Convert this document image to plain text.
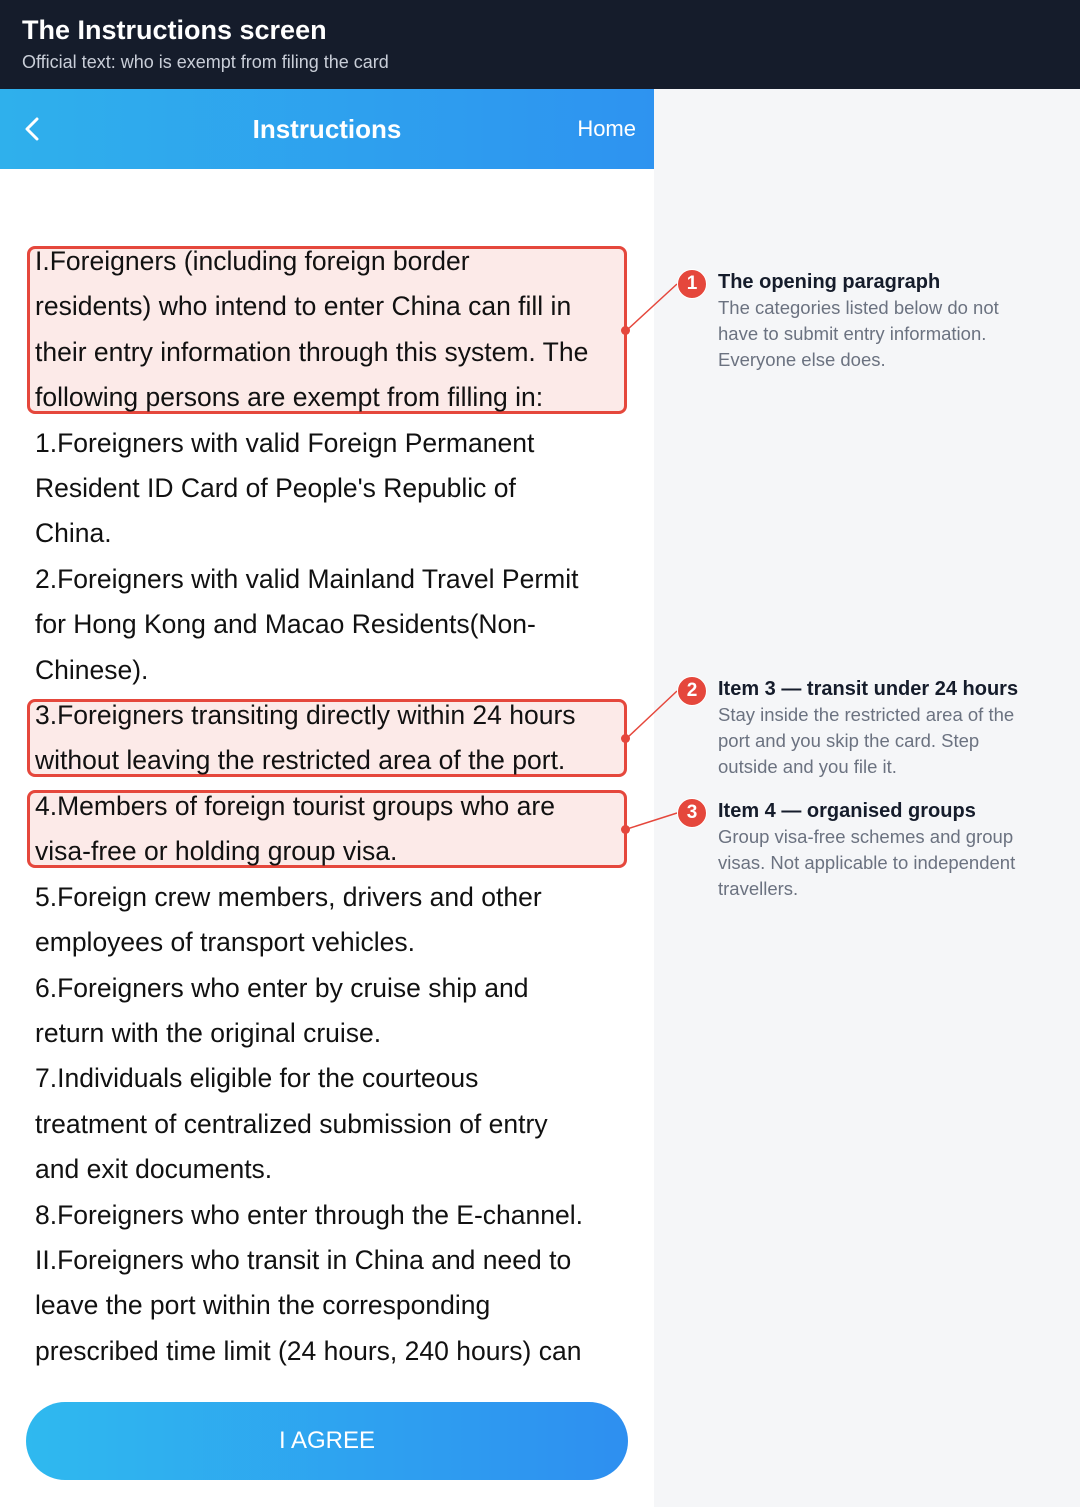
The Instructions screen
Official text: who is exempt from filing the card
Instructions	Home

I.Foreigners (including foreign border

residents) who intend to enter China can fill in

their entry information through this system. The

following persons are exempt from filling in:

1.Foreigners with valid Foreign Permanent

Resident ID Card of People's Republic of

China.

2.Foreigners with valid Mainland Travel Permit

for Hong Kong and Macao Residents(Non-

Chinese).

3.Foreigners transiting directly within 24 hours

without leaving the restricted area of the port.

4.Members of foreign tourist groups who are

visa-free or holding group visa.

5.Foreign crew members, drivers and other

employees of transport vehicles.

6.Foreigners who enter by cruise ship and

return with the original cruise.

7.Individuals eligible for the courteous

treatment of centralized submission of entry

and exit documents.

8.Foreigners who enter through the E-channel.

II.Foreigners who transit in China and need to

leave the port within the corresponding

prescribed time limit (24 hours, 240 hours) can

I AGREE
1	The opening paragraph
The categories listed below do not
have to submit entry information.
Everyone else does.
2	Item 3 — transit under 24 hours
Stay inside the restricted area of the
port and you skip the card. Step
outside and you file it.
3	Item 4 — organised groups
Group visa-free schemes and group
visas. Not applicable to independent
travellers.
